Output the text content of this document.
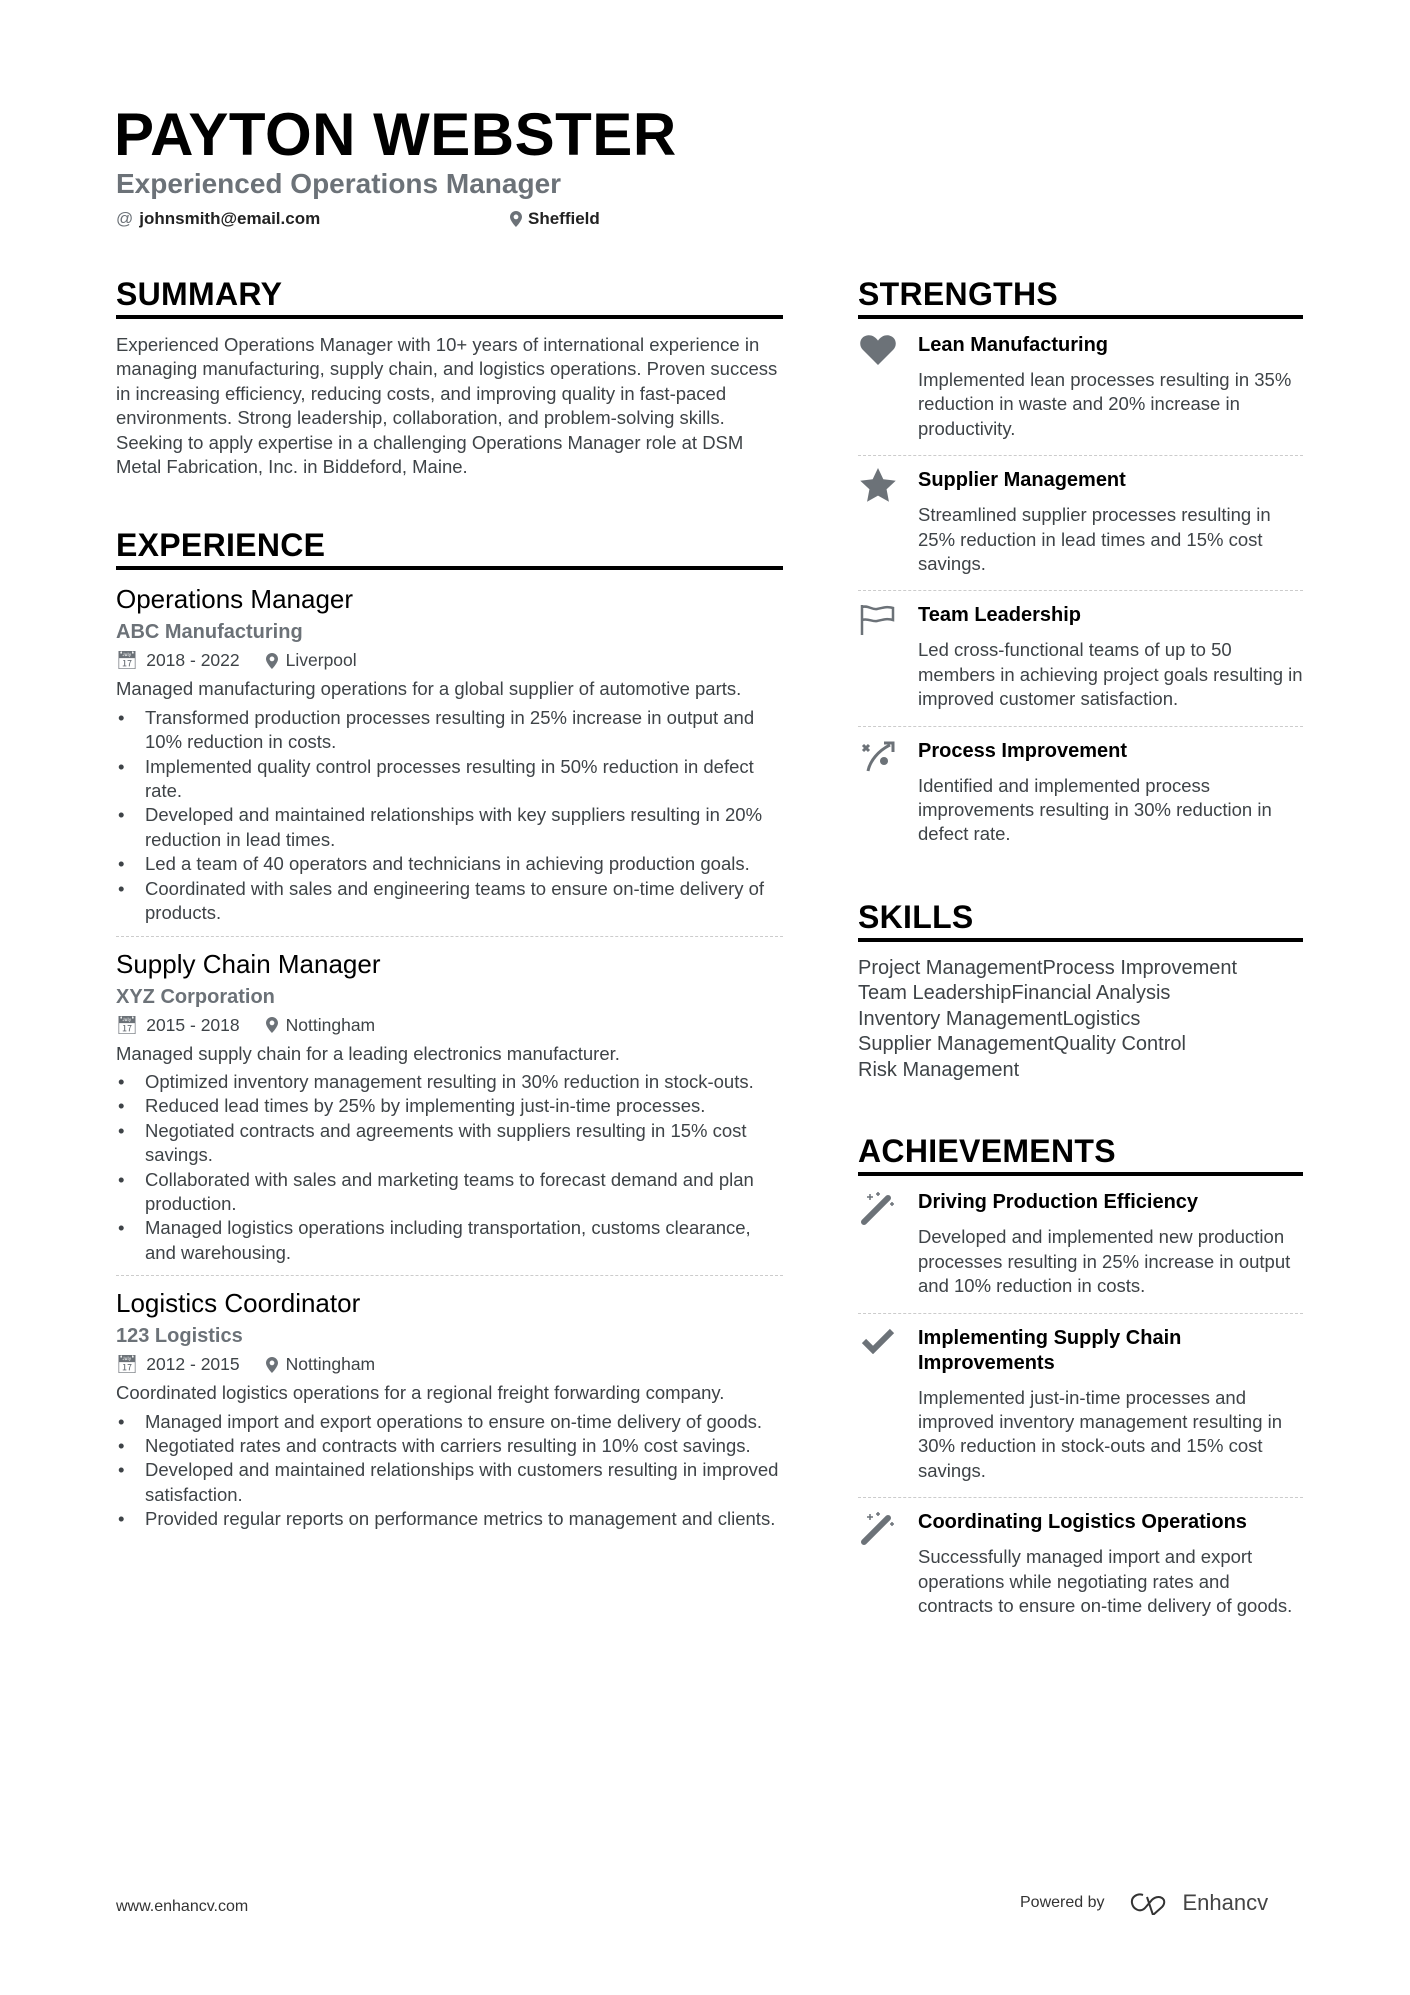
PAYTON WEBSTER
Experienced Operations Manager
@ johnsmith@email.com	Sheffield
SUMMARY
Experienced Operations Manager with 10+ years of international experience in managing manufacturing, supply chain, and logistics operations. Proven success in increasing efficiency, reducing costs, and improving quality in fast-paced environments. Strong leadership, collaboration, and problem-solving skills. Seeking to apply expertise in a challenging Operations Manager role at DSM Metal Fabrication, Inc. in Biddeford, Maine.
EXPERIENCE
Operations Manager
ABC Manufacturing
📅︎ 2018 - 2022	Liverpool
Managed manufacturing operations for a global supplier of automotive parts.
• Transformed production processes resulting in 25% increase in output and 10% reduction in costs.
• Implemented quality control processes resulting in 50% reduction in defect rate.
• Developed and maintained relationships with key suppliers resulting in 20% reduction in lead times.
• Led a team of 40 operators and technicians in achieving production goals.
• Coordinated with sales and engineering teams to ensure on-time delivery of products.
Supply Chain Manager
XYZ Corporation
📅︎ 2015 - 2018	Nottingham
Managed supply chain for a leading electronics manufacturer.
• Optimized inventory management resulting in 30% reduction in stock-outs.
• Reduced lead times by 25% by implementing just-in-time processes.
• Negotiated contracts and agreements with suppliers resulting in 15% cost savings.
• Collaborated with sales and marketing teams to forecast demand and plan production.
• Managed logistics operations including transportation, customs clearance, and warehousing.
Logistics Coordinator
123 Logistics
📅︎ 2012 - 2015	Nottingham
Coordinated logistics operations for a regional freight forwarding company.
• Managed import and export operations to ensure on-time delivery of goods.
• Negotiated rates and contracts with carriers resulting in 10% cost savings.
• Developed and maintained relationships with customers resulting in improved satisfaction.
• Provided regular reports on performance metrics to management and clients.
STRENGTHS
Lean Manufacturing
Implemented lean processes resulting in 35% reduction in waste and 20% increase in productivity.
Supplier Management
Streamlined supplier processes resulting in 25% reduction in lead times and 15% cost savings.
Team Leadership
Led cross-functional teams of up to 50 members in achieving project goals resulting in improved customer satisfaction.
Process Improvement
Identified and implemented process improvements resulting in 30% reduction in defect rate.
SKILLS
Project ManagementProcess Improvement
Team LeadershipFinancial Analysis
Inventory ManagementLogistics
Supplier ManagementQuality Control
Risk Management
ACHIEVEMENTS
Driving Production Efficiency
Developed and implemented new production processes resulting in 25% increase in output and 10% reduction in costs.
Implementing Supply Chain Improvements
Implemented just-in-time processes and improved inventory management resulting in 30% reduction in stock-outs and 15% cost savings.
Coordinating Logistics Operations
Successfully managed import and export operations while negotiating rates and contracts to ensure on-time delivery of goods.
www.enhancv.com	Powered by	Enhancv
